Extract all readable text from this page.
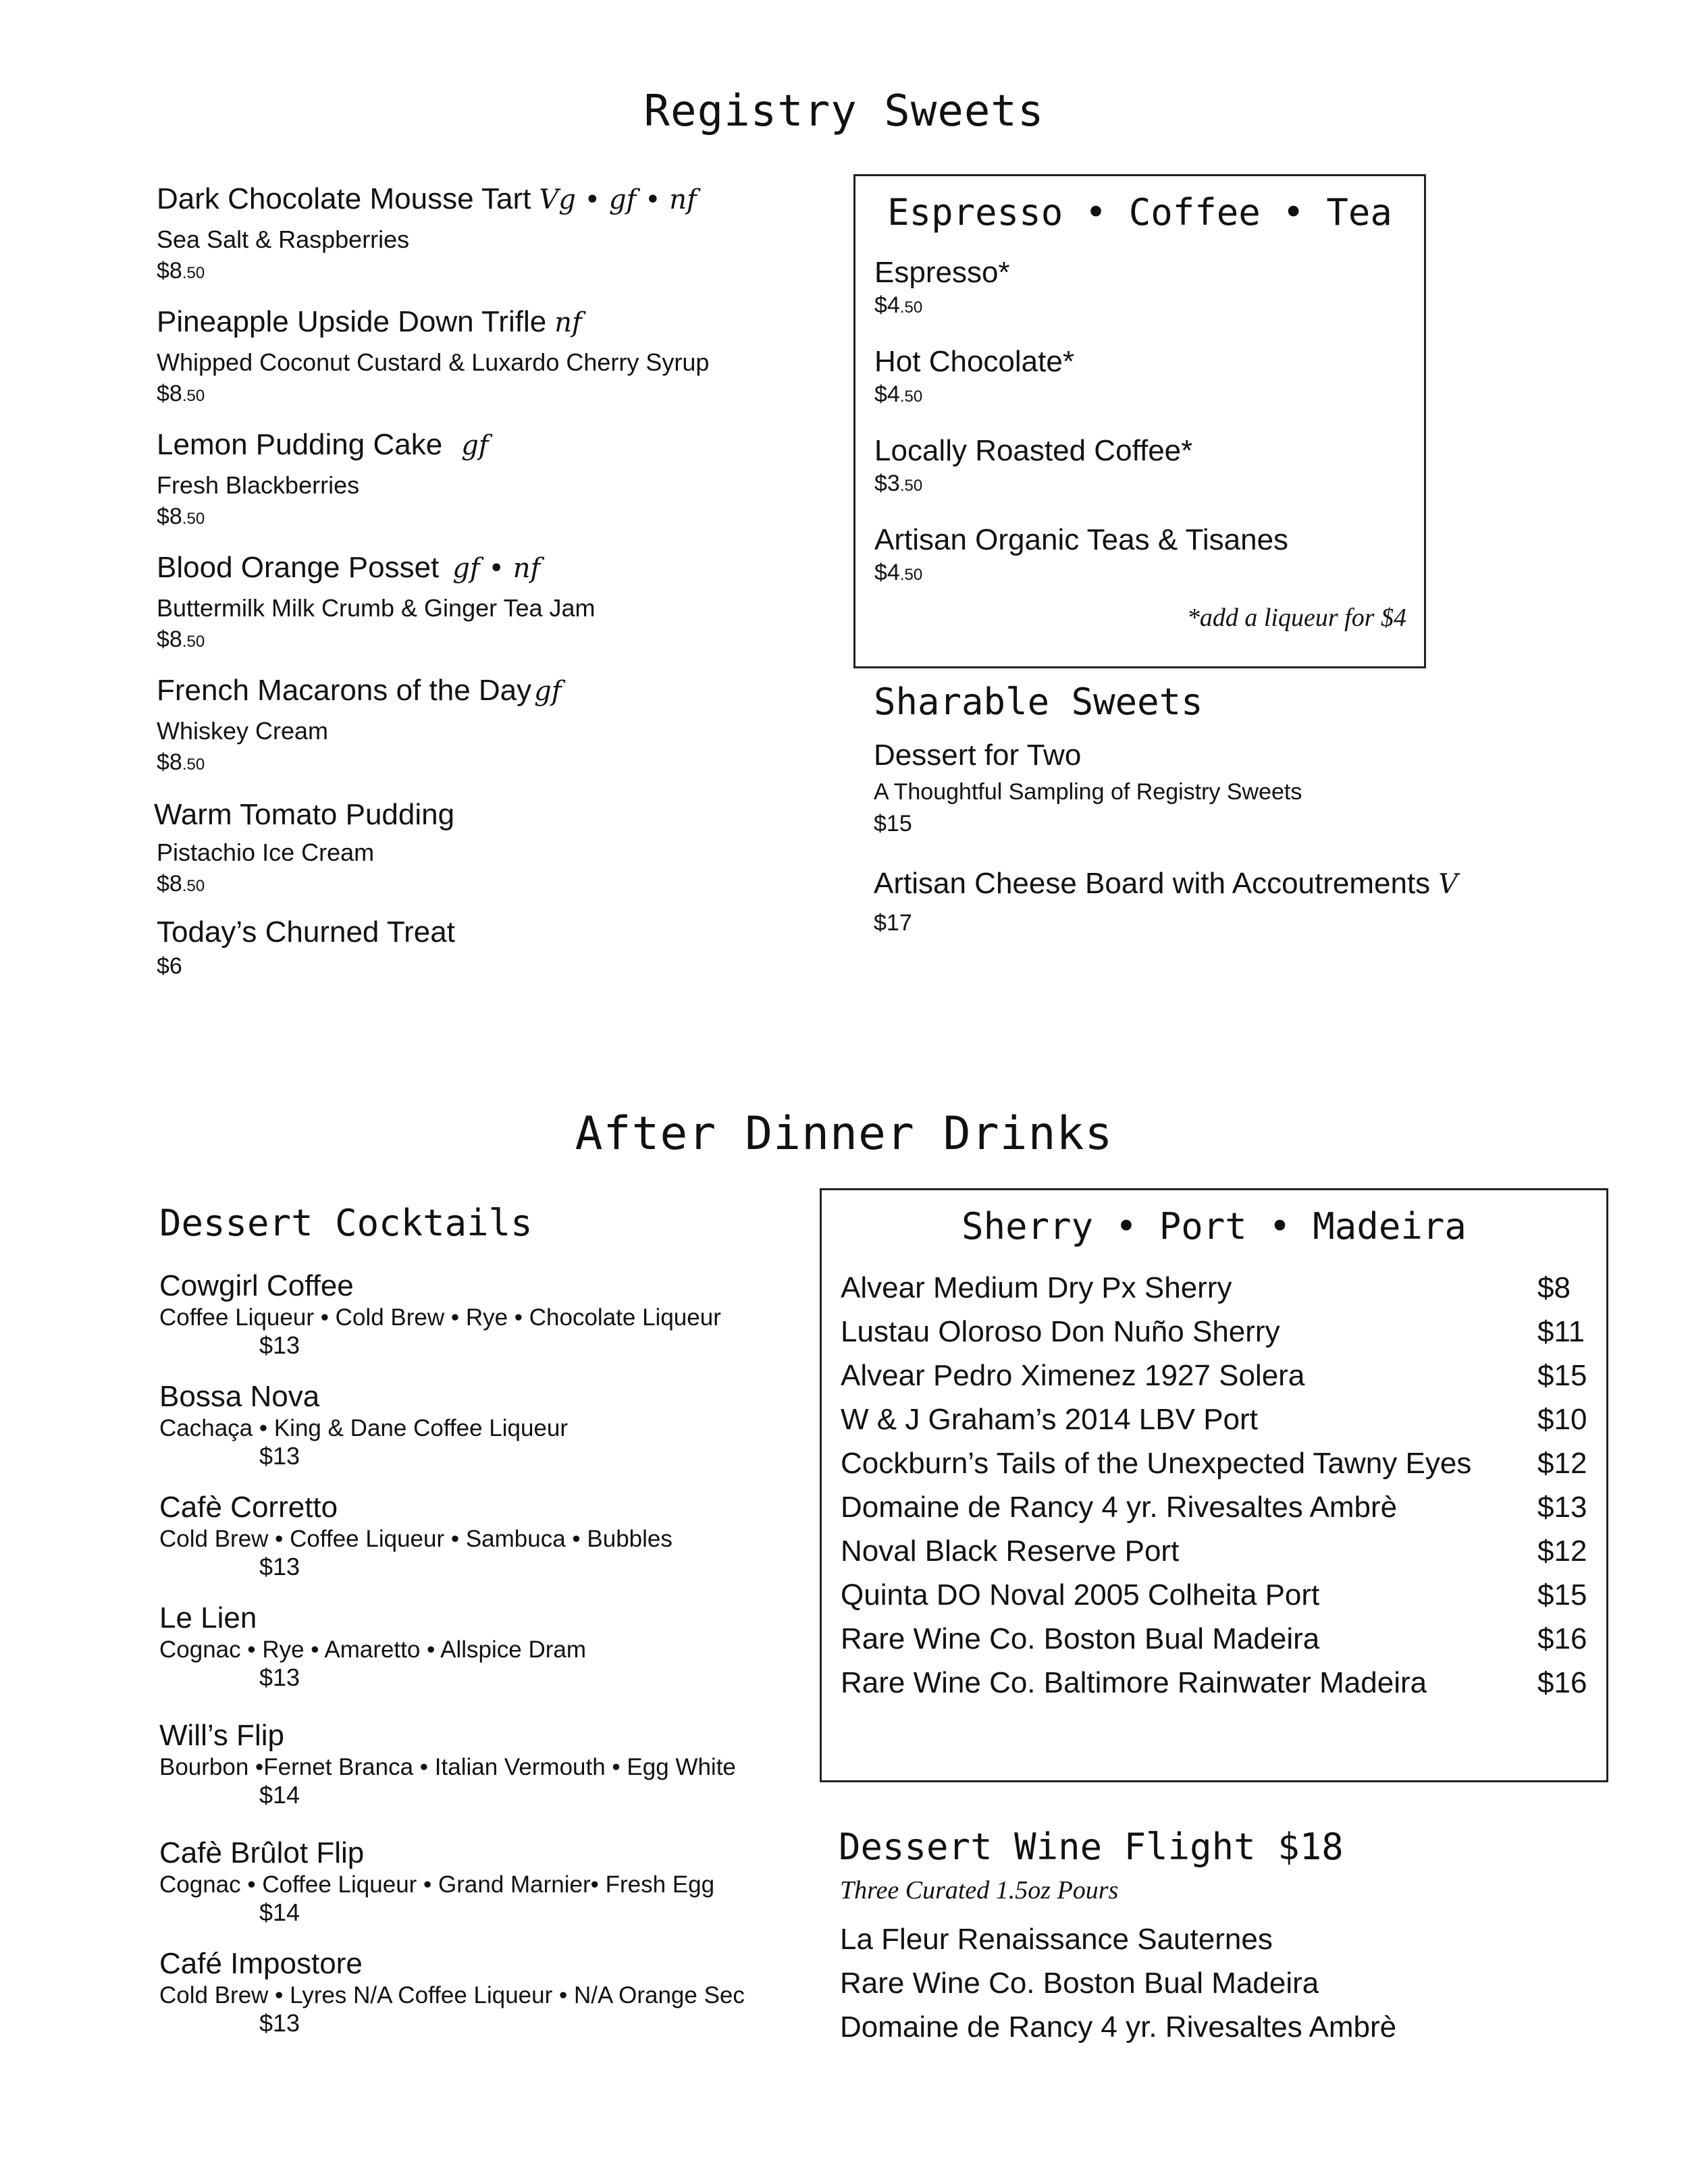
Registry Sweets
Dark Chocolate Mousse Tart Vg • gf • nf
Sea Salt & Raspberries
$8.50
Pineapple Upside Down Trifle nf
Whipped Coconut Custard & Luxardo Cherry Syrup
$8.50
Lemon Pudding Cake gf
Fresh Blackberries
$8.50
Blood Orange Posset gf • nf
Buttermilk Milk Crumb & Ginger Tea Jam
$8.50
French Macarons of the Day gf
Whiskey Cream
$8.50
Warm Tomato Pudding
Pistachio Ice Cream
$8.50
Today’s Churned Treat
$6
Espresso • Coffee • Tea
Espresso*
$4.50
Hot Chocolate*
$4.50
Locally Roasted Coffee*
$3.50
Artisan Organic Teas & Tisanes
$4.50
*add a liqueur for $4
Sharable Sweets
Dessert for Two
A Thoughtful Sampling of Registry Sweets
$15
Artisan Cheese Board with Accoutrements V
$17
After Dinner Drinks
Dessert Cocktails
Cowgirl Coffee
Coffee Liqueur • Cold Brew • Rye • Chocolate Liqueur
$13
Bossa Nova
Cachaça • King & Dane Coffee Liqueur
$13
Cafè Corretto
Cold Brew • Coffee Liqueur • Sambuca • Bubbles
$13
Le Lien
Cognac • Rye • Amaretto • Allspice Dram
$13
Will’s Flip
Bourbon •Fernet Branca • Italian Vermouth • Egg White
$14
Cafè Brûlot Flip
Cognac • Coffee Liqueur • Grand Marnier• Fresh Egg
$14
Café Impostore
Cold Brew • Lyres N/A Coffee Liqueur • N/A Orange Sec
$13
Sherry • Port • Madeira
Alvear Medium Dry Px Sherry	$8
Lustau Oloroso Don Nuño Sherry	$11
Alvear Pedro Ximenez 1927 Solera	$15
W & J Graham’s 2014 LBV Port	$10
Cockburn’s Tails of the Unexpected Tawny Eyes $12
Domaine de Rancy 4 yr. Rivesaltes Ambrè	$13
Noval Black Reserve Port	$12
Quinta DO Noval 2005 Colheita Port	$15
Rare Wine Co. Boston Bual Madeira	$16
Rare Wine Co. Baltimore Rainwater Madeira	$16
Dessert Wine Flight $18
Three Curated 1.5oz Pours
La Fleur Renaissance Sauternes
Rare Wine Co. Boston Bual Madeira
Domaine de Rancy 4 yr. Rivesaltes Ambrè
